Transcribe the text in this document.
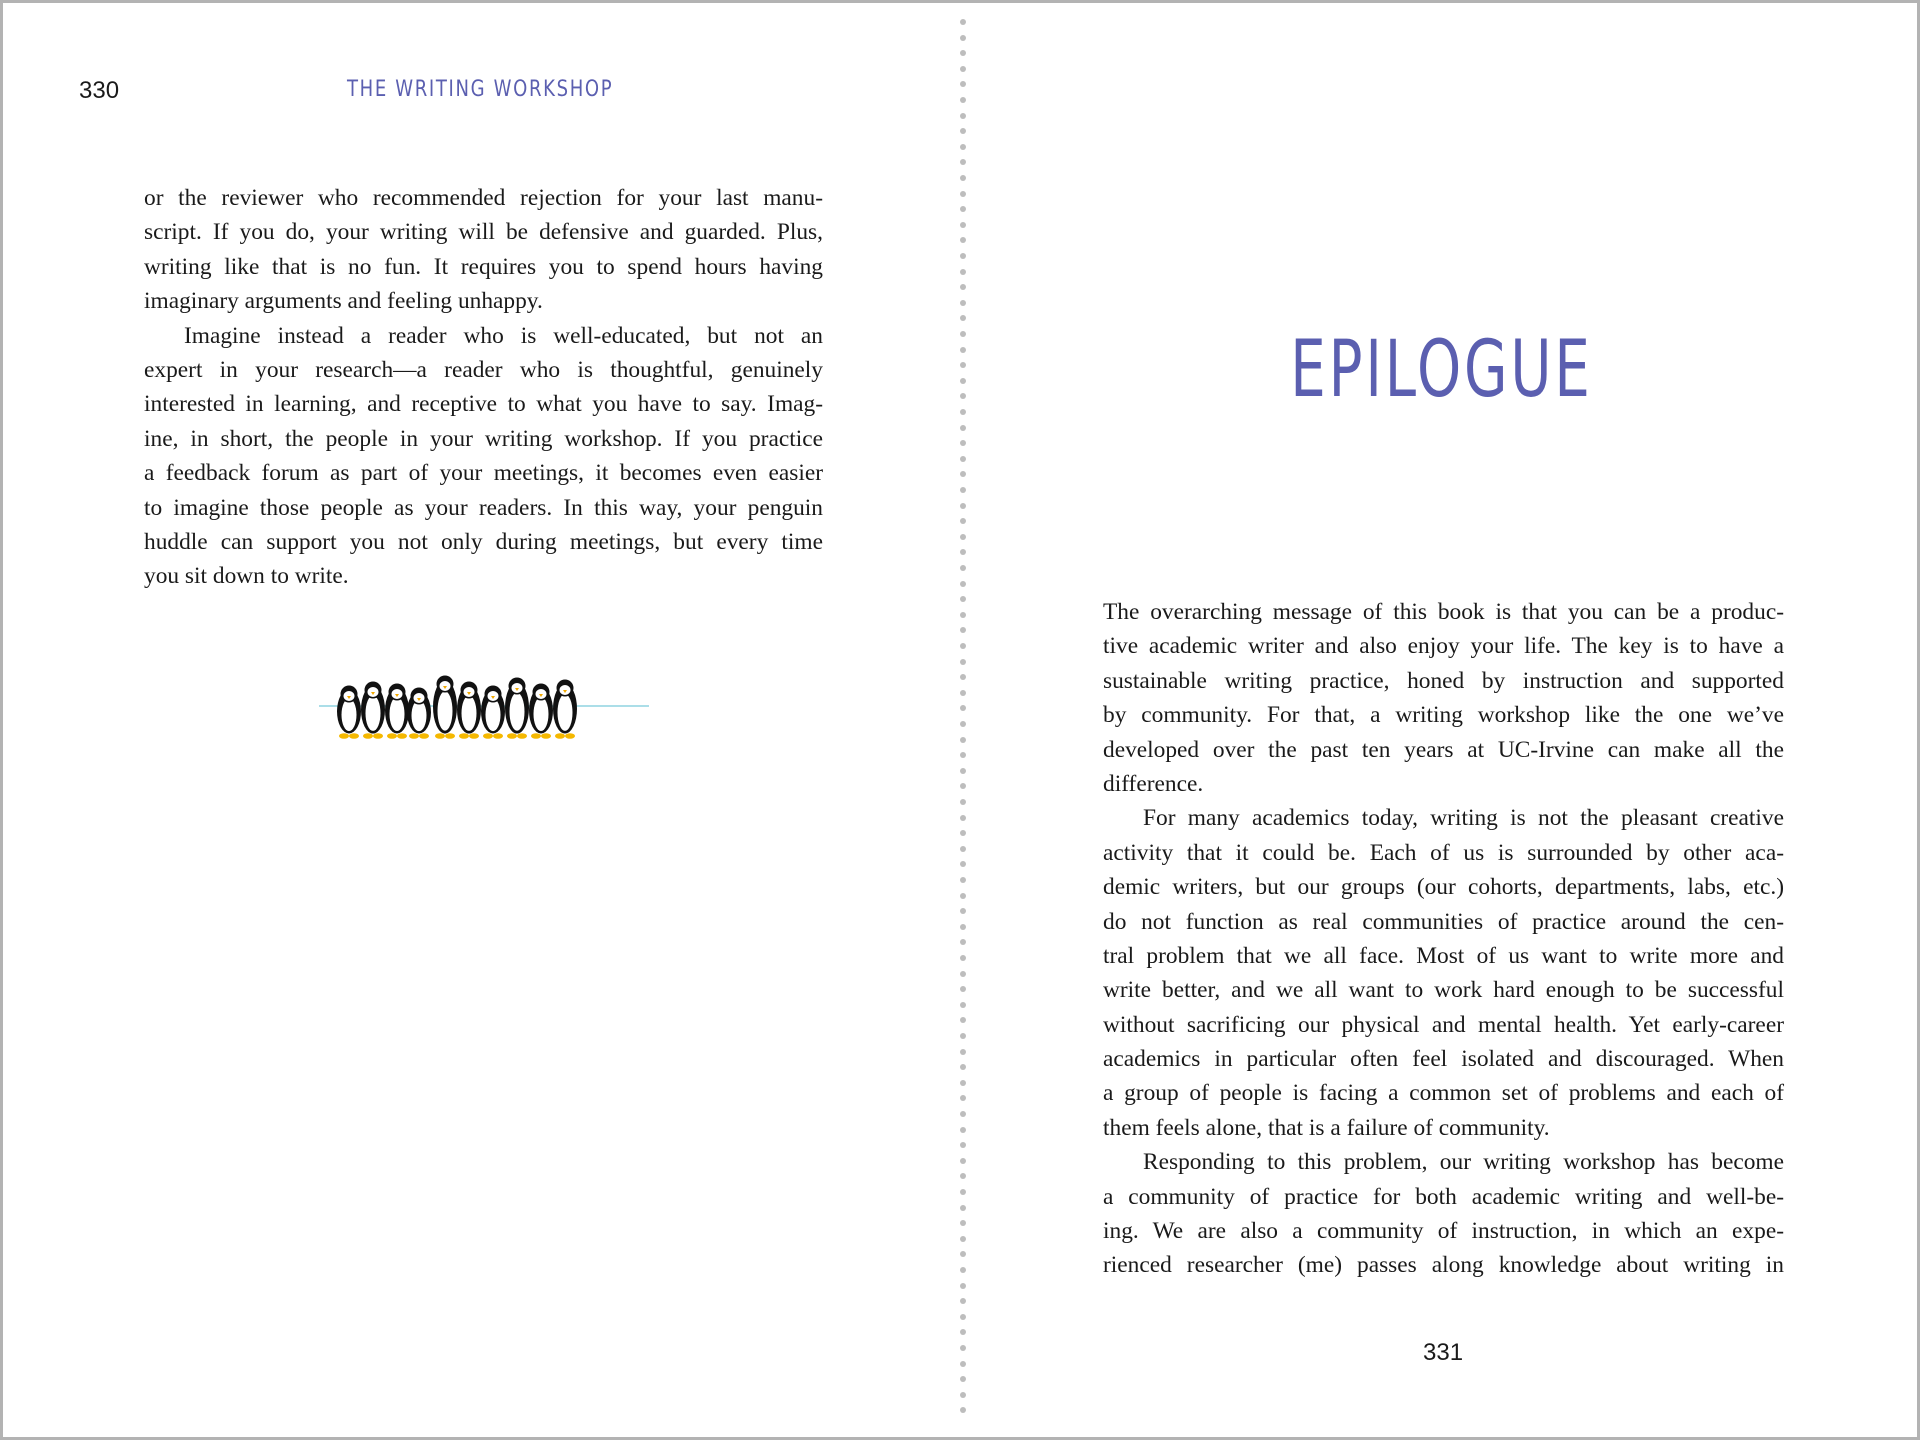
330	THE WRITING WORKSHOP
or the reviewer who recommended rejection for your last manu-
script. If you do, your writing will be defensive and guarded. Plus,
writing like that is no fun. It requires you to spend hours having
imaginary arguments and feeling unhappy.
Imagine instead a reader who is well-educated, but not an
expert in your research—a reader who is thoughtful, genuinely
interested in learning, and receptive to what you have to say. Imag-
ine, in short, the people in your writing workshop. If you practice
a feedback forum as part of your meetings, it becomes even easier
to imagine those people as your readers. In this way, your penguin
huddle can support you not only during meetings, but every time
you sit down to write.
EPILOGUE
The overarching message of this book is that you can be a produc-
tive academic writer and also enjoy your life. The key is to have a
sustainable writing practice, honed by instruction and supported
by community. For that, a writing workshop like the one we’ve
developed over the past ten years at UC-Irvine can make all the
difference.
For many academics today, writing is not the pleasant creative
activity that it could be. Each of us is surrounded by other aca-
demic writers, but our groups (our cohorts, departments, labs, etc.)
do not function as real communities of practice around the cen-
tral problem that we all face. Most of us want to write more and
write better, and we all want to work hard enough to be successful
without sacrificing our physical and mental health. Yet early-career
academics in particular often feel isolated and discouraged. When
a group of people is facing a common set of problems and each of
them feels alone, that is a failure of community.
Responding to this problem, our writing workshop has become
a community of practice for both academic writing and well-be-
ing. We are also a community of instruction, in which an expe-
rienced researcher (me) passes along knowledge about writing in
331
